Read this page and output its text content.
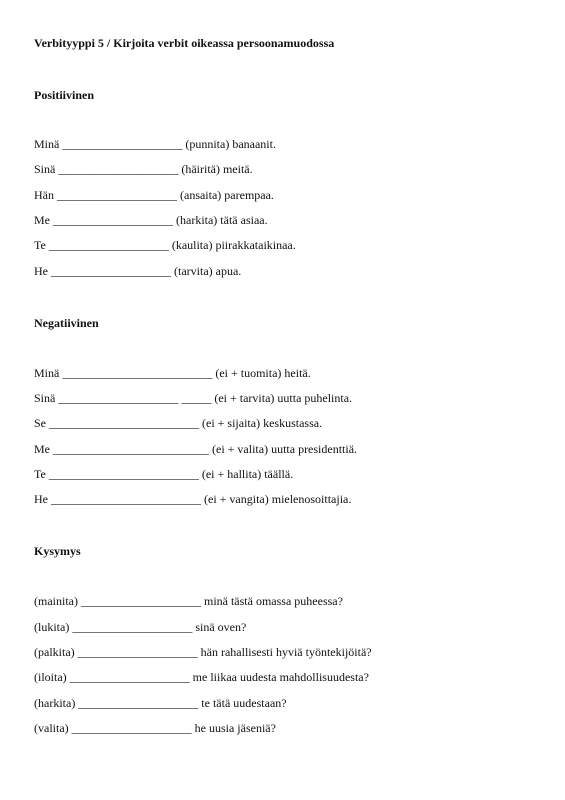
Verbityyppi 5 / Kirjoita verbit oikeassa persoonamuodossa
Positiivinen
Minä ____________________ (punnita) banaanit.
Sinä ____________________ (häiritä) meitä.
Hän ____________________ (ansaita) parempaa.
Me ____________________ (harkita) tätä asiaa.
Te ____________________ (kaulita) piirakkataikinaa.
He ____________________ (tarvita) apua.
Negatiivinen
Minä _________________________ (ei + tuomita) heitä.
Sinä ____________________ _____ (ei + tarvita) uutta puhelinta.
Se _________________________ (ei + sijaita) keskustassa.
Me __________________________ (ei + valita) uutta presidenttiä.
Te _________________________ (ei + hallita) täällä.
He _________________________ (ei + vangita) mielenosoittajia.
Kysymys
(mainita) ____________________ minä tästä omassa puheessa?
(lukita) ____________________ sinä oven?
(palkita) ____________________ hän rahallisesti hyviä työntekijöitä?
(iloita) ____________________ me liikaa uudesta mahdollisuudesta?
(harkita) ____________________ te tätä uudestaan?
(valita) ____________________ he uusia jäseniä?
